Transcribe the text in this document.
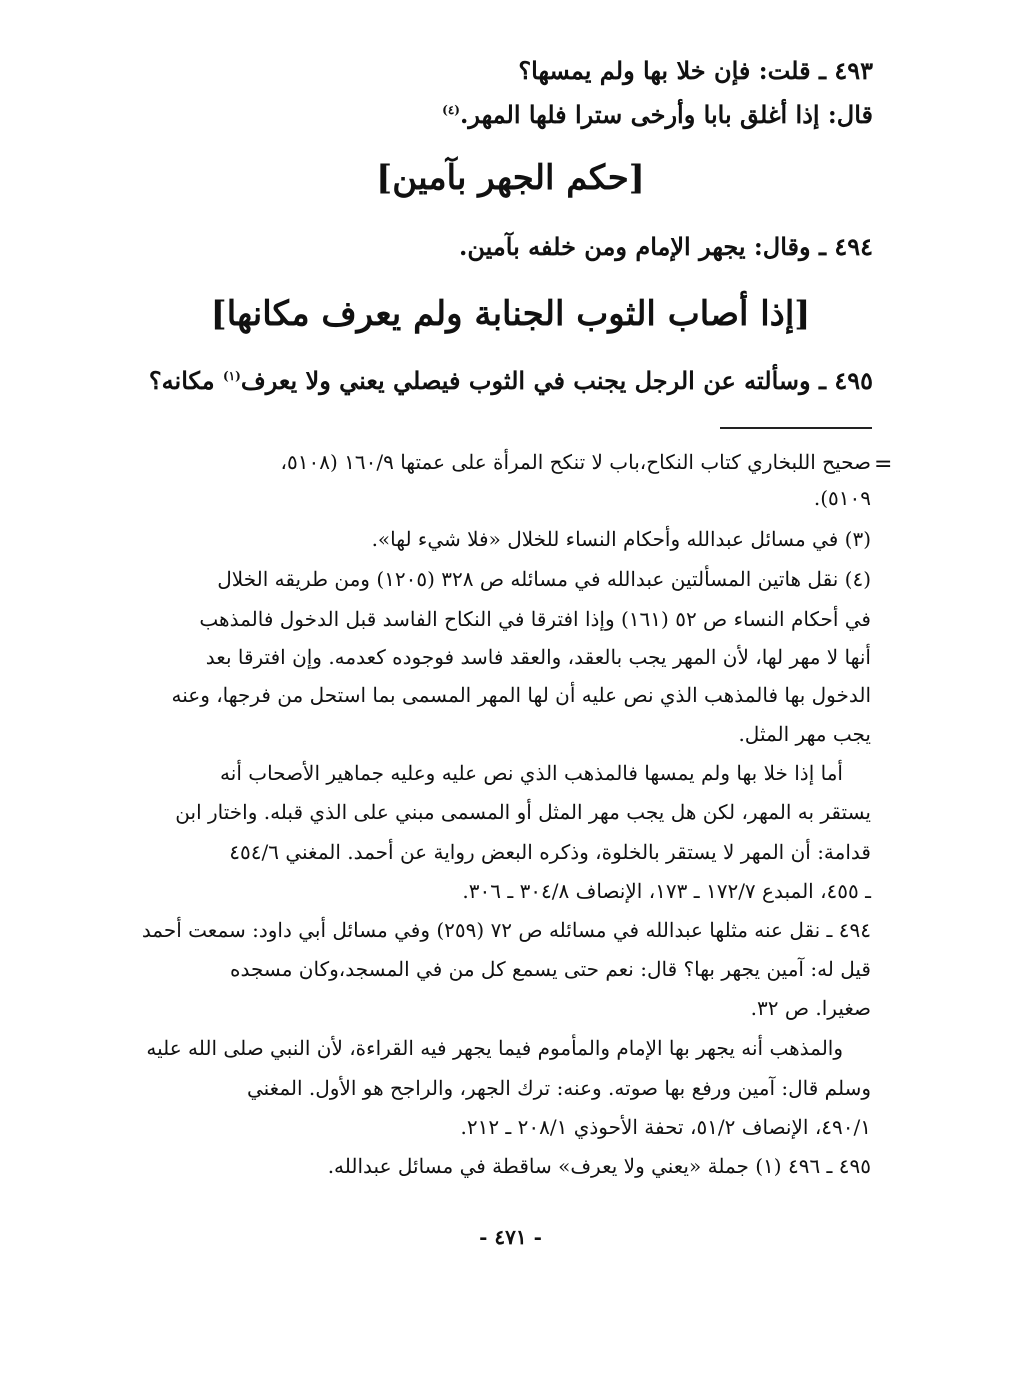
٤٩٣ ـ قلت: فإن خلا بها ولم يمسها؟
قال: إذا أغلق بابا وأرخى سترا فلها المهر.$^{(٤)}$
[حكم الجهر بآمين]
٤٩٤ ـ وقال: يجهر الإمام ومن خلفه بآمين.
[إذا أصاب الثوب الجنابة ولم يعرف مكانها]
٤٩٥ ـ وسألته عن الرجل يجنب في الثوب فيصلي يعني ولا يعرف$^{(١)}$ مكانه؟
=
صحيح اللبخاري كتاب النكاح،باب لا تنكح المرأة على عمتها ١٦٠/٩ (٥١٠٨،
٥١٠٩).
(٣) في مسائل عبدالله وأحكام النساء للخلال «فلا شيء لها».
(٤) نقل هاتين المسألتين عبدالله في مسائله ص ٣٢٨ (١٢٠٥) ومن طريقه الخلال
في أحكام النساء ص ٥٢ (١٦١) وإذا افترقا في النكاح الفاسد قبل الدخول فالمذهب
أنها لا مهر لها، لأن المهر يجب بالعقد، والعقد فاسد فوجوده كعدمه. وإن افترقا بعد
الدخول بها فالمذهب الذي نص عليه أن لها المهر المسمى بما استحل من فرجها، وعنه
يجب مهر المثل.
أما إذا خلا بها ولم يمسها فالمذهب الذي نص عليه وعليه جماهير الأصحاب أنه
يستقر به المهر، لكن هل يجب مهر المثل أو المسمى مبني على الذي قبله. واختار ابن
قدامة: أن المهر لا يستقر بالخلوة، وذكره البعض رواية عن أحمد. المغني ٤٥٤/٦
ـ ٤٥٥، المبدع ١٧٢/٧ ـ ١٧٣، الإنصاف ٣٠٤/٨ ـ ٣٠٦.
٤٩٤ ـ نقل عنه مثلها عبدالله في مسائله ص ٧٢ (٢٥٩) وفي مسائل أبي داود: سمعت أحمد
قيل له: آمين يجهر بها؟ قال: نعم حتى يسمع كل من في المسجد،وكان مسجده
صغيرا. ص ٣٢.
والمذهب أنه يجهر بها الإمام والمأموم فيما يجهر فيه القراءة، لأن النبي صلى الله عليه
وسلم قال: آمين ورفع بها صوته. وعنه: ترك الجهر، والراجح هو الأول. المغني
٤٩٠/١، الإنصاف ٥١/٢، تحفة الأحوذي ٢٠٨/١ ـ ٢١٢.
٤٩٥ ـ ٤٩٦ (١) جملة «يعني ولا يعرف» ساقطة في مسائل عبدالله.
- ٤٧١ -
